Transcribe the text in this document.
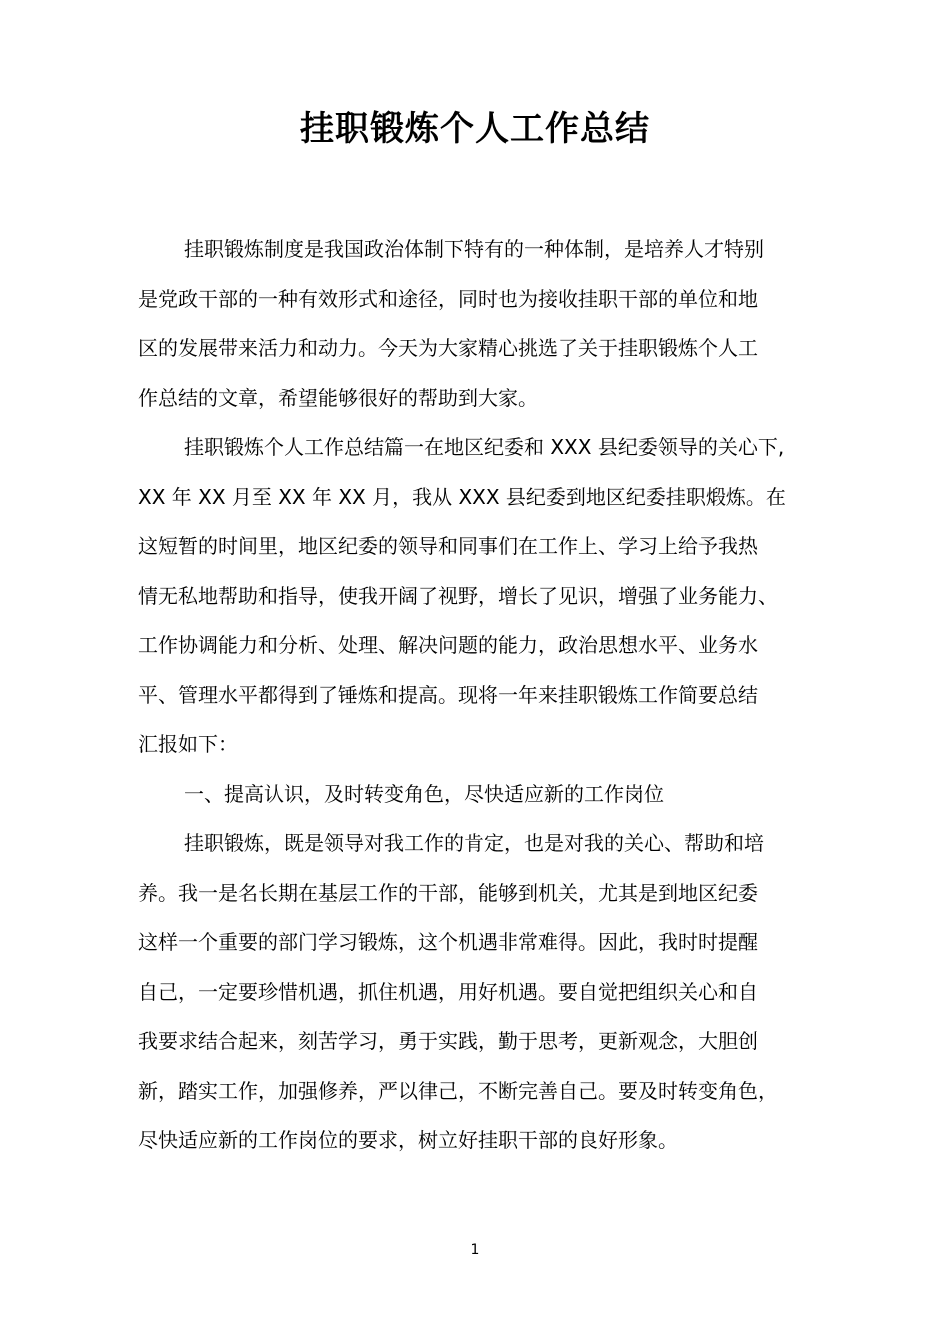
挂职锻炼个人工作总结
挂职锻炼制度是我国政治体制下特有的一种体制，是培养人才特别
是党政干部的一种有效形式和途径，同时也为接收挂职干部的单位和地
区的发展带来活力和动力。今天为大家精心挑选了关于挂职锻炼个人工
作总结的文章，希望能够很好的帮助到大家。
挂职锻炼个人工作总结篇一在地区纪委和 XXX 县纪委领导的关心下,
XX 年 XX 月至 XX 年 XX 月，我从 XXX 县纪委到地区纪委挂职煅炼。在
这短暂的时间里，地区纪委的领导和同事们在工作上、学习上给予我热
情无私地帮助和指导，使我开阔了视野，增长了见识，增强了业务能力、
工作协调能力和分析、处理、解决问题的能力，政治思想水平、业务水
平、管理水平都得到了锤炼和提高。现将一年来挂职锻炼工作简要总结
汇报如下：
一、提高认识，及时转变角色，尽快适应新的工作岗位
挂职锻炼，既是领导对我工作的肯定，也是对我的关心、帮助和培
养。我一是名长期在基层工作的干部，能够到机关，尤其是到地区纪委
这样一个重要的部门学习锻炼，这个机遇非常难得。因此，我时时提醒
自己，一定要珍惜机遇，抓住机遇，用好机遇。要自觉把组织关心和自
我要求结合起来，刻苦学习，勇于实践，勤于思考，更新观念，大胆创
新，踏实工作，加强修养，严以律己，不断完善自己。要及时转变角色，
尽快适应新的工作岗位的要求，树立好挂职干部的良好形象。
1
